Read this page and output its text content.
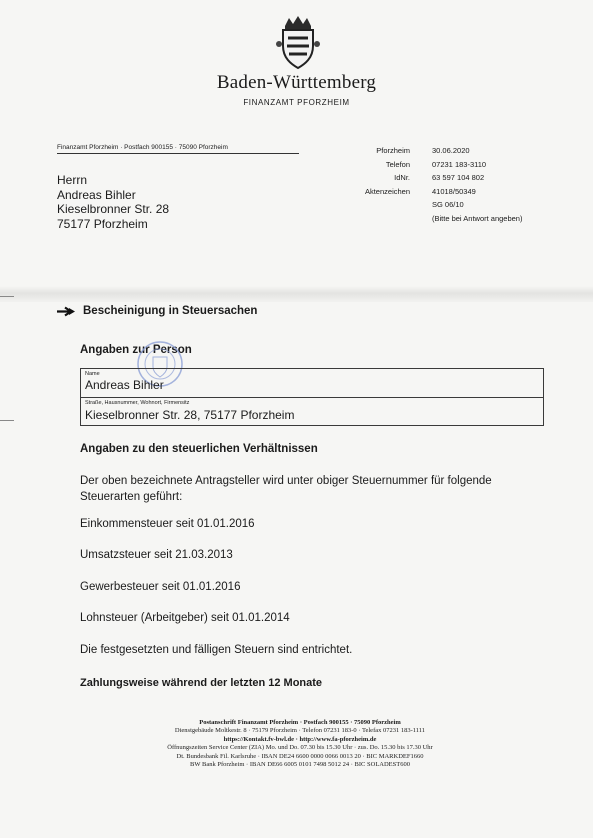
Baden-Württemberg
FINANZAMT PFORZHEIM
Finanzamt Pforzheim · Postfach 900155 · 75090 Pforzheim
Herrn
Andreas Bihler
Kieselbronner Str. 28
75177 Pforzheim
Pforzheim
Telefon
IdNr.
Aktenzeichen
30.06.2020
07231 183-3110
63 597 104 802
41018/50349
SG 06/10
(Bitte bei Antwort angeben)
Bescheinigung in Steuersachen
Angaben zur Person
Name
Andreas Bihler
Straße, Hausnummer, Wohnort, Firmensitz
Kieselbronner Str. 28, 75177 Pforzheim
Angaben zu den steuerlichen Verhältnissen
Der oben bezeichnete Antragsteller wird unter obiger Steuernummer für folgende Steuerarten geführt:
Einkommensteuer seit 01.01.2016
Umsatzsteuer seit 21.03.2013
Gewerbesteuer seit 01.01.2016
Lohnsteuer (Arbeitgeber) seit 01.01.2014
Die festgesetzten und fälligen Steuern sind entrichtet.
Zahlungsweise während der letzten 12 Monate
Postanschrift Finanzamt Pforzheim · Postfach 900155 · 75090 Pforzheim
Dienstgebäude Moltkestr. 8 · 75179 Pforzheim · Telefon 07231 183-0 · Telefax 07231 183-1111
https://Kontakt.fv-bwl.de · http://www.fa-pforzheim.de
Öffnungszeiten Service Center (ZIA) Mo. und Do. 07.30 bis 15.30 Uhr · zus. Do. 15.30 bis 17.30 Uhr
Dt. Bundesbank Fil. Karlsruhe · IBAN DE24 6600 0000 0066 0013 20 · BIC MARKDEF1660
BW Bank Pforzheim · IBAN DE66 6005 0101 7498 5012 24 · BIC SOLADEST600
